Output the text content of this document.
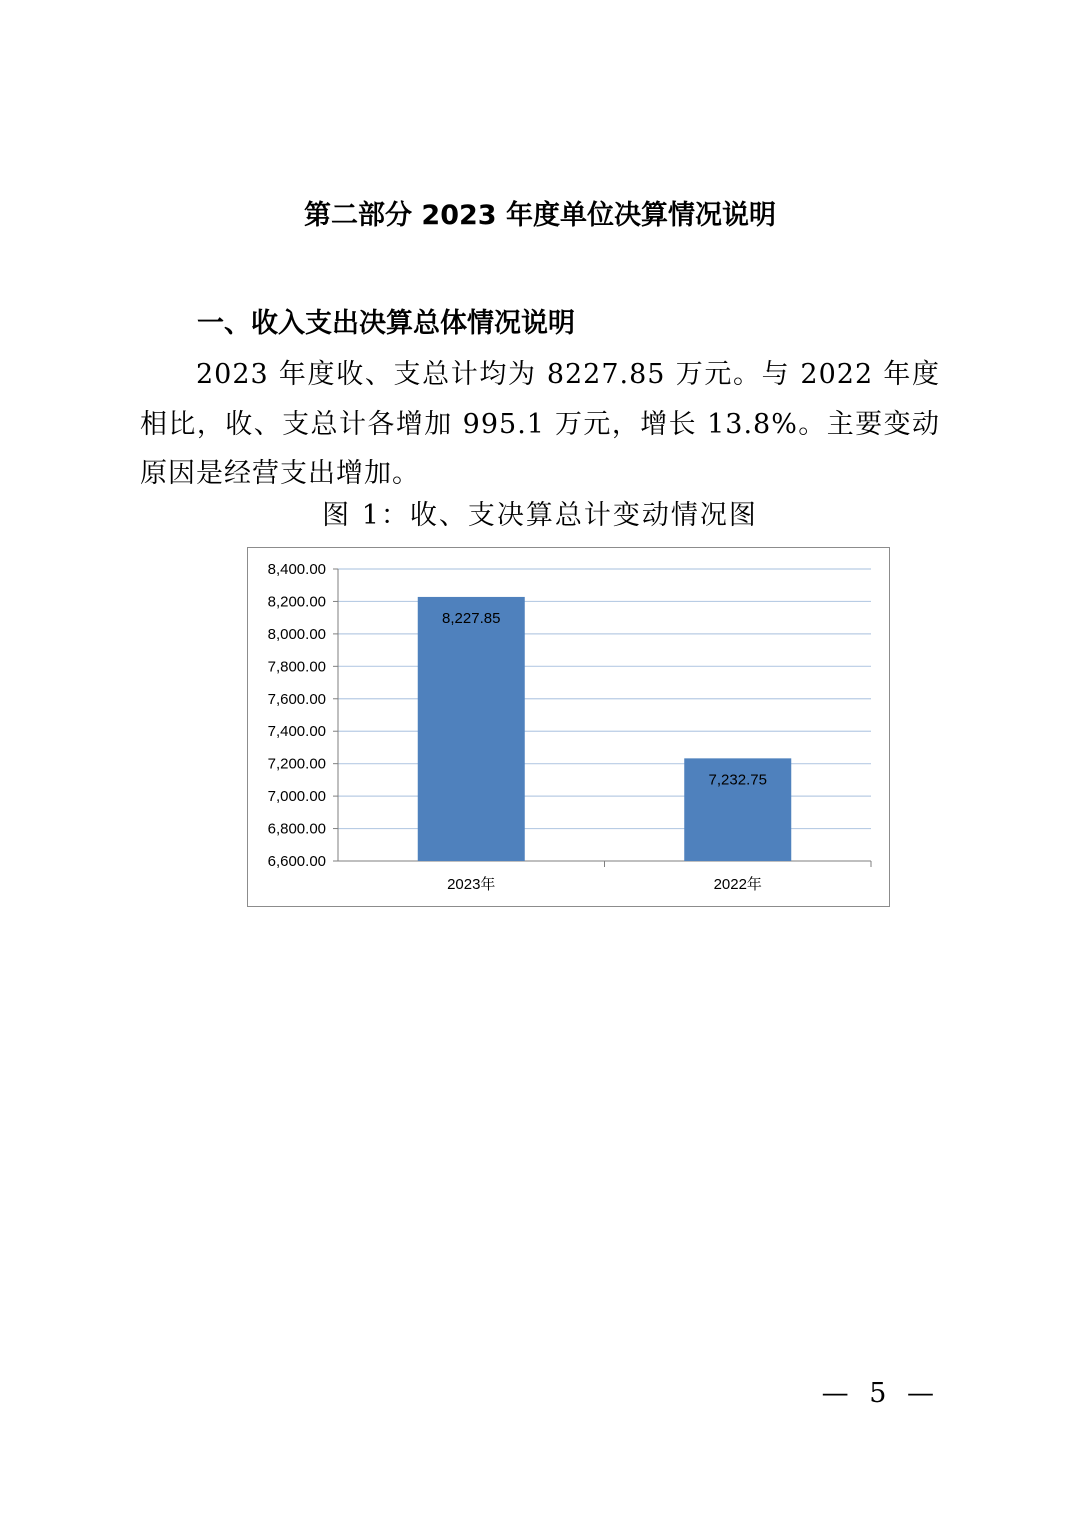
第二部分 2023 年度单位决算情况说明
一、收入支出决算总体情况说明

2023 年度收、支总计均为 8227.85 万元。与 2022 年度相比，收、支总计各增加 995.1 万元，增长 13.8%。主要变动原因是经营支出增加。

图 1：收、支决算总计变动情况图
6,600.00
6,800.00
7,000.00
7,200.00
7,400.00
7,600.00
7,800.00
8,000.00
8,200.00
8,400.00
8,227.85
2023年
7,232.75
2022年
— 5 —
